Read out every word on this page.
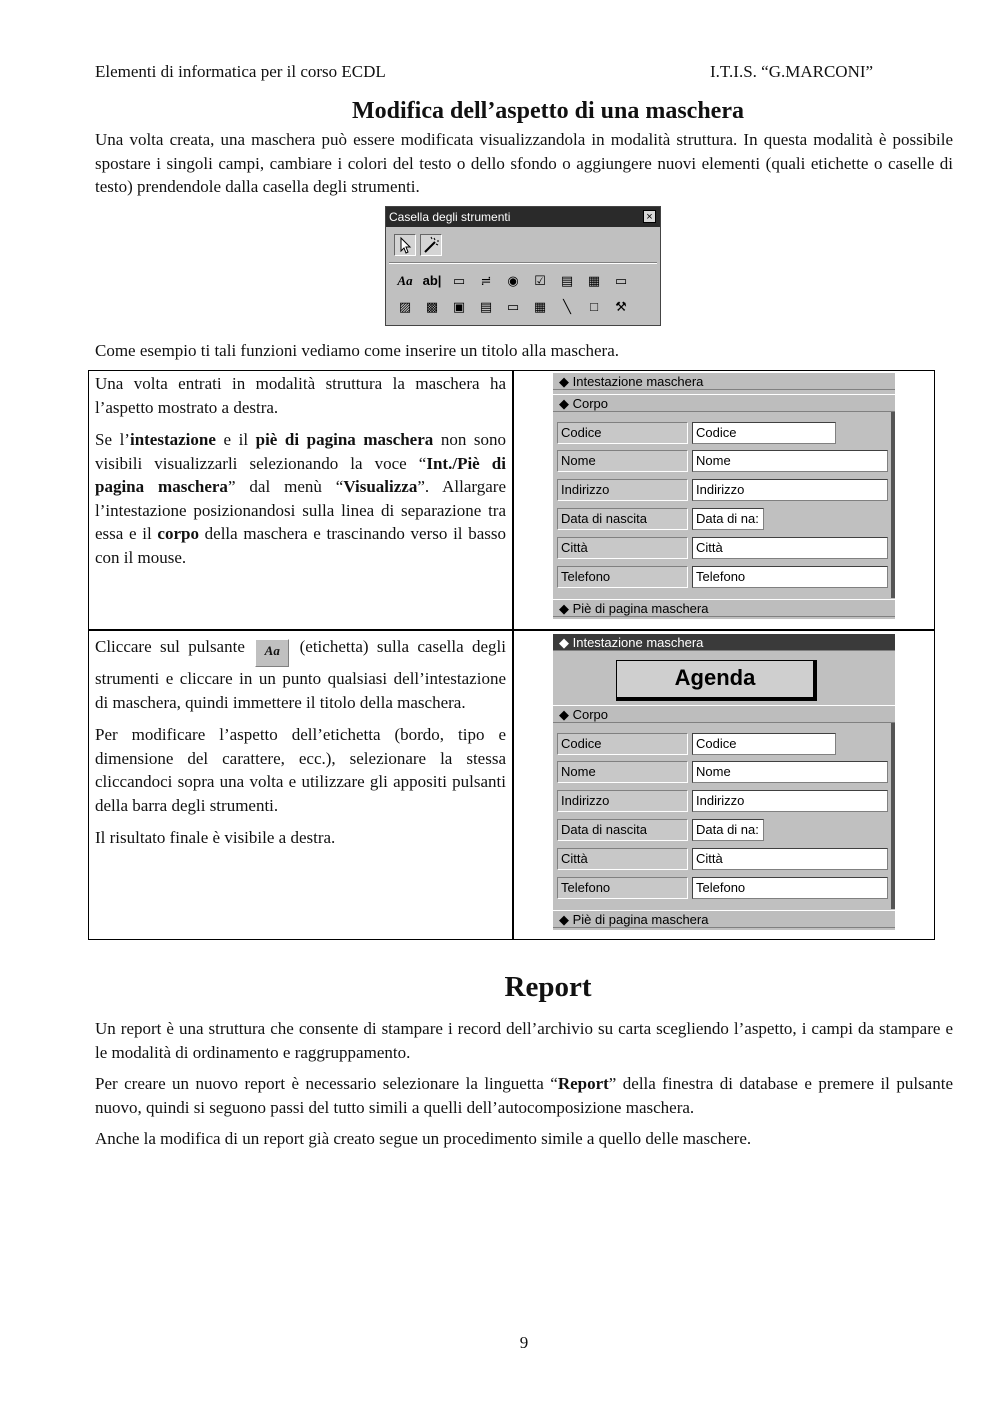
Elementi di informatica per il corso ECDL	I.T.I.S. “G.MARCONI”
Modifica dell’aspetto di una maschera

Una volta creata, una maschera può essere modificata visualizzandola in modalità struttura. In questa modalità è possibile spostare i singoli campi, cambiare i colori del testo o dello sfondo o aggiungere nuovi elementi (quali etichette o caselle di testo) prendendole dalla casella degli strumenti.

Casella degli strumenti	×
Aa ab| ▭	≓	◉	☑	▤	▦	▭
▨	▩	▣	▤	▭	▦	╲	□	⚒

Come esempio ti tali funzioni vediamo come inserire un titolo alla maschera.

Una volta entrati in modalità struttura la maschera ha l’aspetto mostrato a destra.

Se l’intestazione e il piè di pagina maschera non sono visibili visualizzarli selezionando la voce “Int./Piè di pagina maschera” dal menù “Visualizza”. Allargare l’intestazione posizionandosi sulla linea di separazione tra essa e il corpo della maschera e trascinando verso il basso con il mouse.

◆ Intestazione maschera
◆ Corpo
Codice	Codice
Nome	Nome
Indirizzo	Indirizzo
Data di nascita	Data di na:
Città	Città
Telefono	Telefono
◆ Piè di pagina maschera

Cliccare sul pulsante Aa (etichetta) sulla casella degli strumenti e cliccare in un punto qualsiasi dell’intestazione di maschera, quindi immettere il titolo della maschera.

Per modificare l’aspetto dell’etichetta (bordo, tipo e dimensione del carattere, ecc.), selezionare la stessa cliccandoci sopra una volta e utilizzare gli appositi pulsanti della barra degli strumenti.

Il risultato finale è visibile a destra.

◆ Intestazione maschera
Agenda
◆ Corpo
Codice	Codice
Nome	Nome
Indirizzo	Indirizzo
Data di nascita	Data di na:
Città	Città
Telefono	Telefono
◆ Piè di pagina maschera
Report

Un report è una struttura che consente di stampare i record dell’archivio su carta scegliendo l’aspetto, i campi da stampare e le modalità di ordinamento e raggruppamento.

Per creare un nuovo report è necessario selezionare la linguetta “Report” della finestra di database e premere il pulsante nuovo, quindi si seguono passi del tutto simili a quelli dell’autocomposizione maschera.

Anche la modifica di un report già creato segue un procedimento simile a quello delle maschere.

9
